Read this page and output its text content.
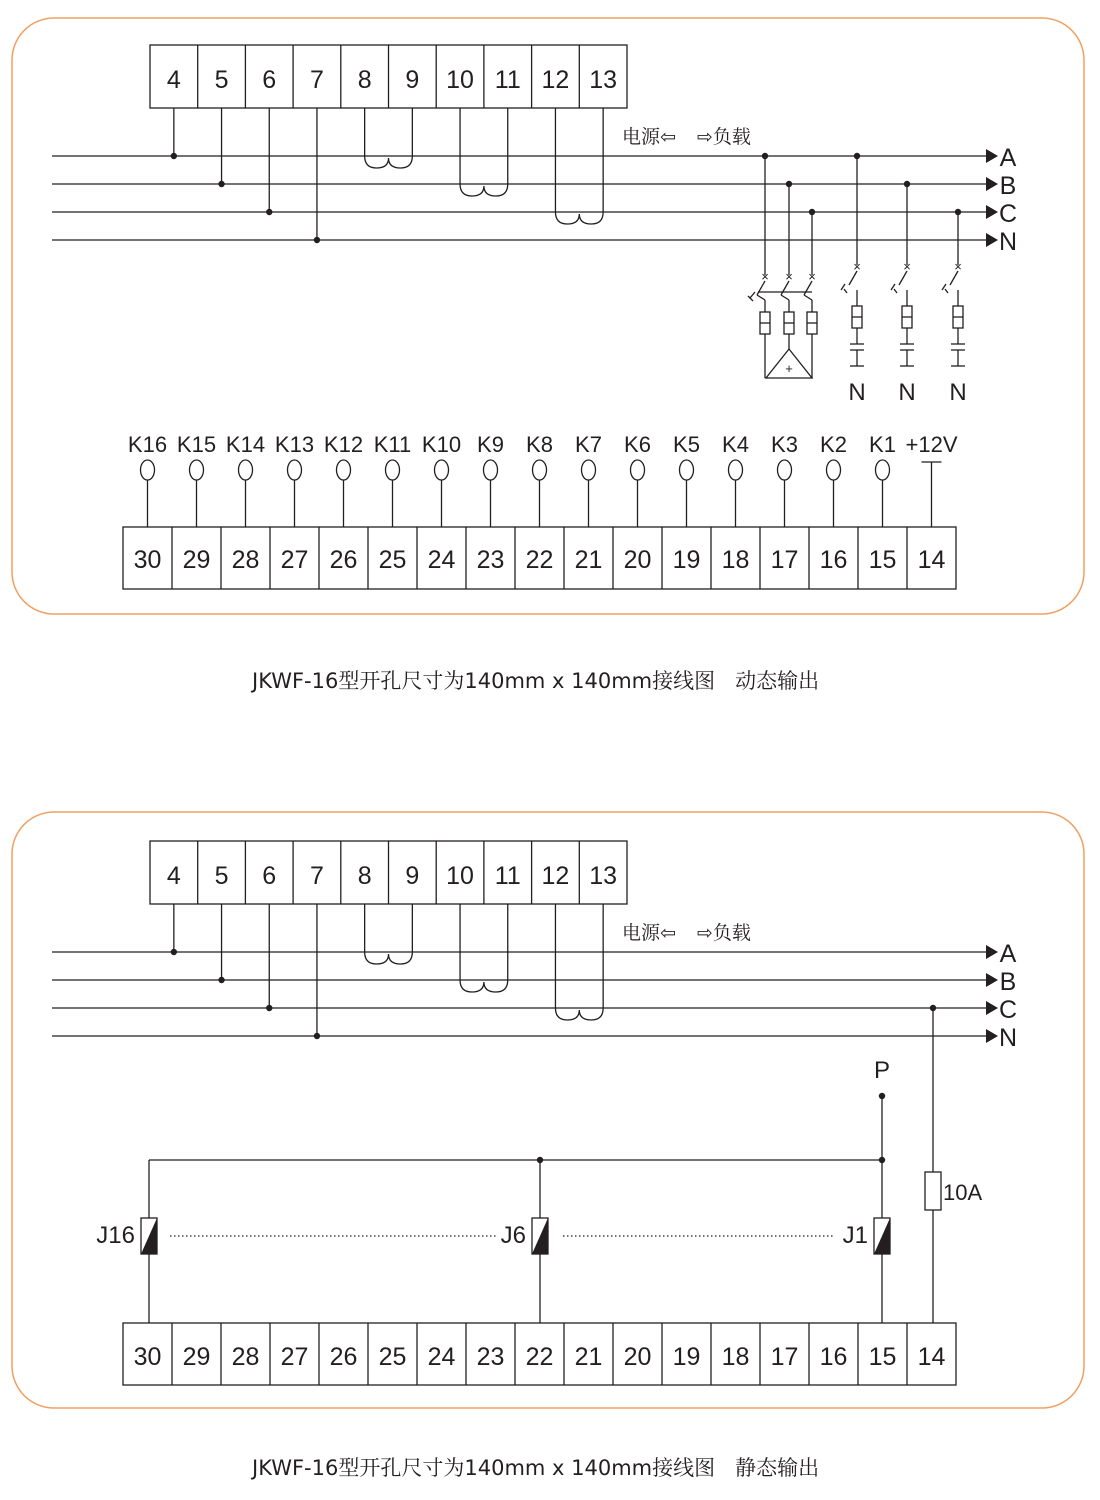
4 5 6 7 8 9 10 11 12 13
A
B
C
N
× × ×
+
×
N
×
N
×
N
K16 K15 K14 K13 K12 K11 K10 K9 K8 K7 K6 K5 K4 K3 K2 K1 +12V
30 29 28 27 26 25 24 23 22 21 20 19 18 17 16 15 14
4 5 6 7 8 9 10 11 12 13
A
B
C
N
10A
P
J16	J6	J1
30 29 28 27 26 25 24 23 22 21 20 19 18 17 16 15 14
电源⇦ ⇨负载
电源⇦ ⇨负载
JKWF-16型开孔尺寸为140mm x 140mm接线图   动态输出
JKWF-16型开孔尺寸为140mm x 140mm接线图   静态输出
